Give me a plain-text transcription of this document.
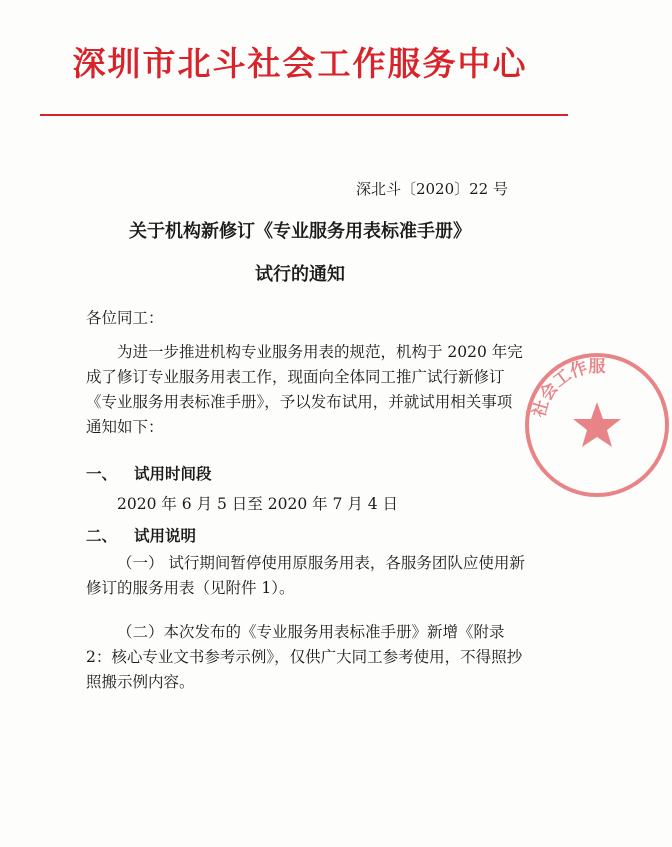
深圳市北斗社会工作服务中心
深北斗〔2020〕22 号
关于机构新修订《专业服务用表标准手册》
试行的通知
各位同工：
为进一步推进机构专业服务用表的规范，机构于 2020 年完成了修订专业服务用表工作，现面向全体同工推广试行新修订《专业服务用表标准手册》，予以发布试用，并就试用相关事项通知如下：
一、 试用时间段
2020 年 6 月 5 日至 2020 年 7 月 4 日
二、 试用说明
（一） 试行期间暂停使用原服务用表，各服务团队应使用新修订的服务用表（见附件 1）。
（二）本次发布的《专业服务用表标准手册》新增《附录 2：核心专业文书参考示例》，仅供广大同工参考使用，不得照抄照搬示例内容。
社会工作服
